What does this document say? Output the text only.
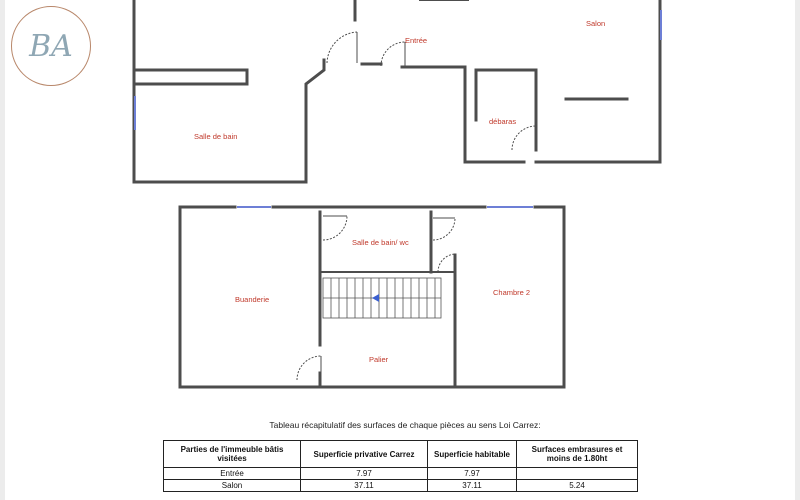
Entrée
Salon
débaras
Salle de bain
Salle de bain/ wc
Buanderie
Chambre 2
Palier
BA
Tableau récapitulatif des surfaces de chaque pièces au sens Loi Carrez:
Parties de l'immeuble bâtis visitées	Superficie privative Carrez	Superficie habitable	Surfaces embrasures et moins de 1.80ht
Entrée	7.97	7.97	
Salon	37.11	37.11	5.24
